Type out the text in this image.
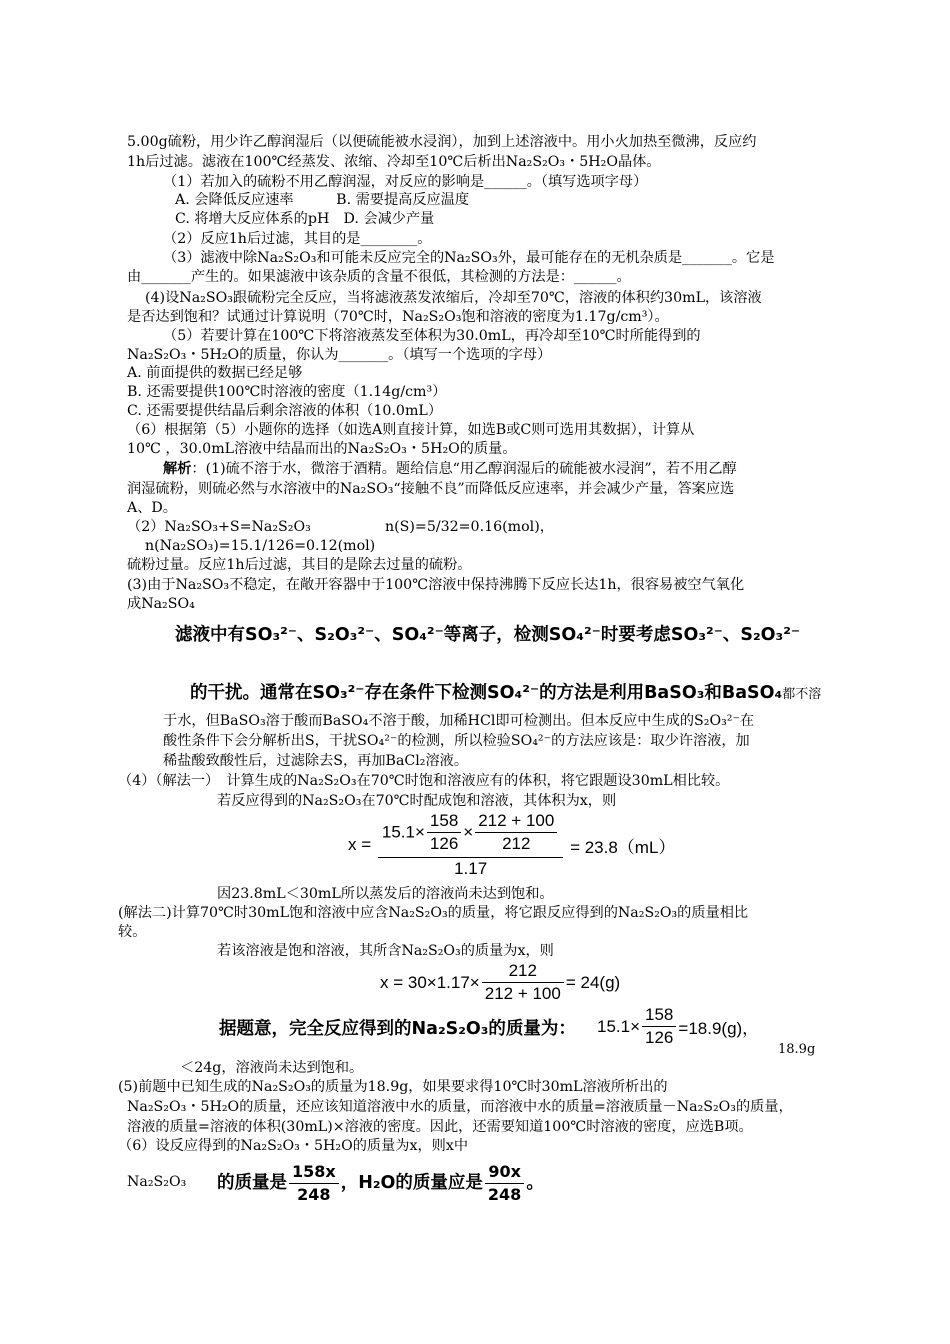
5.00g硫粉，用少许乙醇润湿后（以便硫能被水浸润），加到上述溶液中。用小火加热至微沸，反应约
1h后过滤。滤液在100℃经蒸发、浓缩、冷却至10℃后析出Na₂S₂O₃・5H₂O晶体。
（1）若加入的硫粉不用乙醇润湿，对反应的影响是______。（填写选项字母）
A. 会降低反应速率　　　B. 需要提高反应温度
C. 将增大反应体系的pH　D. 会减少产量
（2）反应1h后过滤，其目的是________。
（3）滤液中除Na₂S₂O₃和可能未反应完全的Na₂SO₃外，最可能存在的无机杂质是_______。它是
由_______产生的。如果滤液中该杂质的含量不很低，其检测的方法是：______。
(4)设Na₂SO₃跟硫粉完全反应，当将滤液蒸发浓缩后，冷却至70℃，溶液的体积约30mL，该溶液
是否达到饱和？试通过计算说明（70℃时，Na₂S₂O₃饱和溶液的密度为1.17g/cm³）。
（5）若要计算在100℃下将溶液蒸发至体积为30.0mL，再冷却至10℃时所能得到的
Na₂S₂O₃・5H₂O的质量，你认为_______。（填写一个选项的字母）
A. 前面提供的数据已经足够
B. 还需要提供100℃时溶液的密度（1.14g/cm³）
C. 还需要提供结晶后剩余溶液的体积（10.0mL）
（6）根据第（5）小题你的选择（如选A则直接计算，如选B或C则可选用其数据），计算从
10℃ ，30.0mL溶液中结晶而出的Na₂S₂O₃・5H₂O的质量。
解析：(1)硫不溶于水，微溶于酒精。题给信息“用乙醇润湿后的硫能被水浸润”，若不用乙醇
润湿硫粉，则硫必然与水溶液中的Na₂SO₃“接触不良”而降低反应速率，并会减少产量，答案应选
A、D。
（2）Na₂SO₃+S=Na₂S₂O₃	n(S)=5/32=0.16(mol)，
n(Na₂SO₃)=15.1/126=0.12(mol)
硫粉过量。反应1h后过滤，其目的是除去过量的硫粉。
(3)由于Na₂SO₃不稳定，在敞开容器中于100℃溶液中保持沸腾下反应长达1h，很容易被空气氧化
成Na₂SO₄
滤液中有SO₃²⁻、S₂O₃²⁻、SO₄²⁻等离子，检测SO₄²⁻时要考虑SO₃²⁻、S₂O₃²⁻
的干扰。通常在SO₃²⁻存在条件下检测SO₄²⁻的方法是利用BaSO₃和BaSO₄都不溶
于水，但BaSO₃溶于酸而BaSO₄不溶于酸，加稀HCl即可检测出。但本反应中生成的S₂O₃²⁻在
酸性条件下会分解析出S，干扰SO₄²⁻的检测，所以检验SO₄²⁻的方法应该是：取少许溶液，加
稀盐酸致酸性后，过滤除去S，再加BaCl₂溶液。
（4）（解法一）　计算生成的Na₂S₂O₃在70℃时饱和溶液应有的体积，将它跟题设30mL相比较。
若反应得到的Na₂S₂O₃在70℃时配成饱和溶液，其体积为x，则
$x = \frac{15.1\times \frac{158}{126} \times \frac{212 + 100}{212}}{1.17} = 23.8(mL)$
因23.8mL＜30mL所以蒸发后的溶液尚未达到饱和。
(解法二)计算70℃时30mL饱和溶液中应含Na₂S₂O₃的质量，将它跟反应得到的Na₂S₂O₃的质量相比
较。
若该溶液是饱和溶液，其所含Na₂S₂O₃的质量为x，则
$x = 30\times 1.17\times \frac{212}{212 + 100} = 24(g)$
据题意，完全反应得到的Na₂S₂O₃的质量为： $15.1\times \frac{158}{126} =18.9(g)$，
18.9g
＜24g，溶液尚未达到饱和。
(5)前题中已知生成的Na₂S₂O₃的质量为18.9g，如果要求得10℃时30mL溶液所析出的
Na₂S₂O₃・5H₂O的质量，还应该知道溶液中水的质量，而溶液中水的质量=溶液质量－Na₂S₂O₃的质量，
溶液的质量=溶液的体积(30mL)×溶液的密度。因此，还需要知道100℃时溶液的密度，应选B项。
（6）设反应得到的Na₂S₂O₃・5H₂O的质量为x，则x中
Na₂S₂O₃ 的质量是 $\frac{158x}{248}$ ，H₂O的质量应是 $\frac{90x}{248}$ 。
